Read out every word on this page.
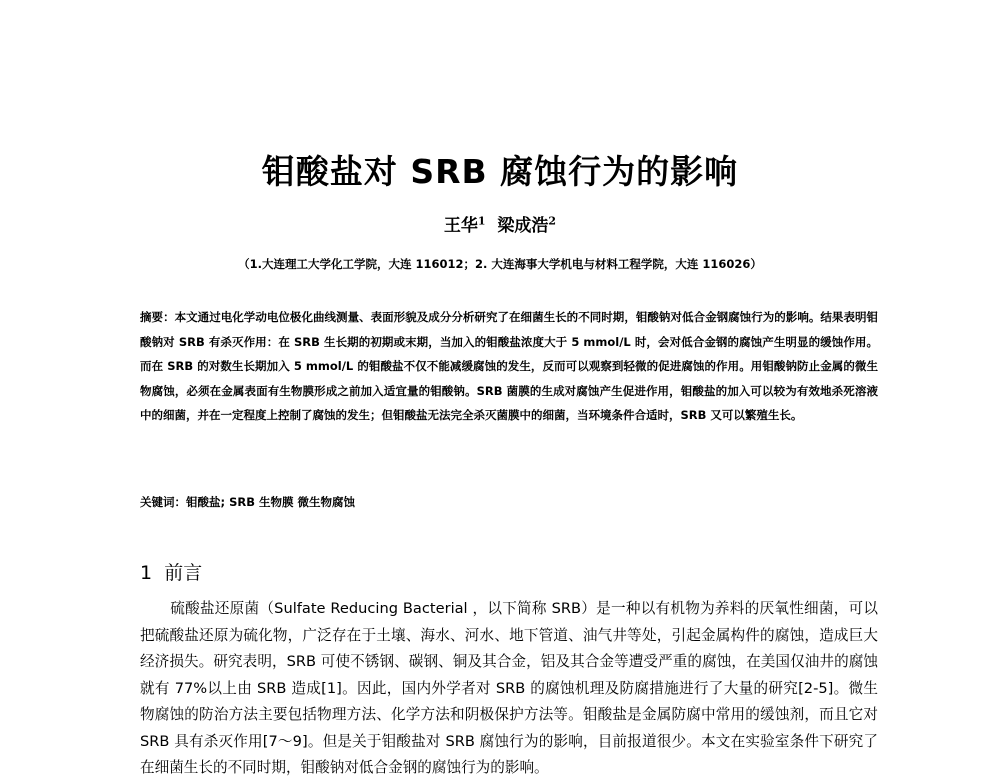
钼酸盐对 SRB 腐蚀行为的影响
王华$^1$ 梁成浩$^2$
（1.大连理工大学化工学院，大连 116012；2. 大连海事大学机电与材料工程学院，大连 116026）
摘要：本文通过电化学动电位极化曲线测量、表面形貌及成分分析研究了在细菌生长的不同时期，钼酸钠对低合金钢腐蚀行为的影响。结果表明钼酸钠对 SRB 有杀灭作用：在 SRB 生长期的初期或末期，当加入的钼酸盐浓度大于 5 mmol/L 时，会对低合金钢的腐蚀产生明显的缓蚀作用。而在 SRB 的对数生长期加入 5 mmol/L 的钼酸盐不仅不能减缓腐蚀的发生，反而可以观察到轻微的促进腐蚀的作用。用钼酸钠防止金属的微生物腐蚀，必须在金属表面有生物膜形成之前加入适宜量的钼酸钠。SRB 菌膜的生成对腐蚀产生促进作用，钼酸盐的加入可以较为有效地杀死溶液中的细菌，并在一定程度上控制了腐蚀的发生；但钼酸盐无法完全杀灭菌膜中的细菌，当环境条件合适时，SRB 又可以繁殖生长。
关键词：钼酸盐; SRB 生物膜 微生物腐蚀
1 前言
硫酸盐还原菌（Sulfate Reducing Bacterial ，以下简称 SRB）是一种以有机物为养料的厌氧性细菌，可以把硫酸盐还原为硫化物，广泛存在于土壤、海水、河水、地下管道、油气井等处，引起金属构件的腐蚀，造成巨大经济损失。研究表明，SRB 可使不锈钢、碳钢、铜及其合金，铝及其合金等遭受严重的腐蚀，在美国仅油井的腐蚀就有 77%以上由 SRB 造成[1]。因此，国内外学者对 SRB 的腐蚀机理及防腐措施进行了大量的研究[2-5]。微生物腐蚀的防治方法主要包括物理方法、化学方法和阴极保护方法等。钼酸盐是金属防腐中常用的缓蚀剂，而且它对 SRB 具有杀灭作用[7～9]。但是关于钼酸盐对 SRB 腐蚀行为的影响，目前报道很少。本文在实验室条件下研究了在细菌生长的不同时期，钼酸钠对低合金钢的腐蚀行为的影响。
